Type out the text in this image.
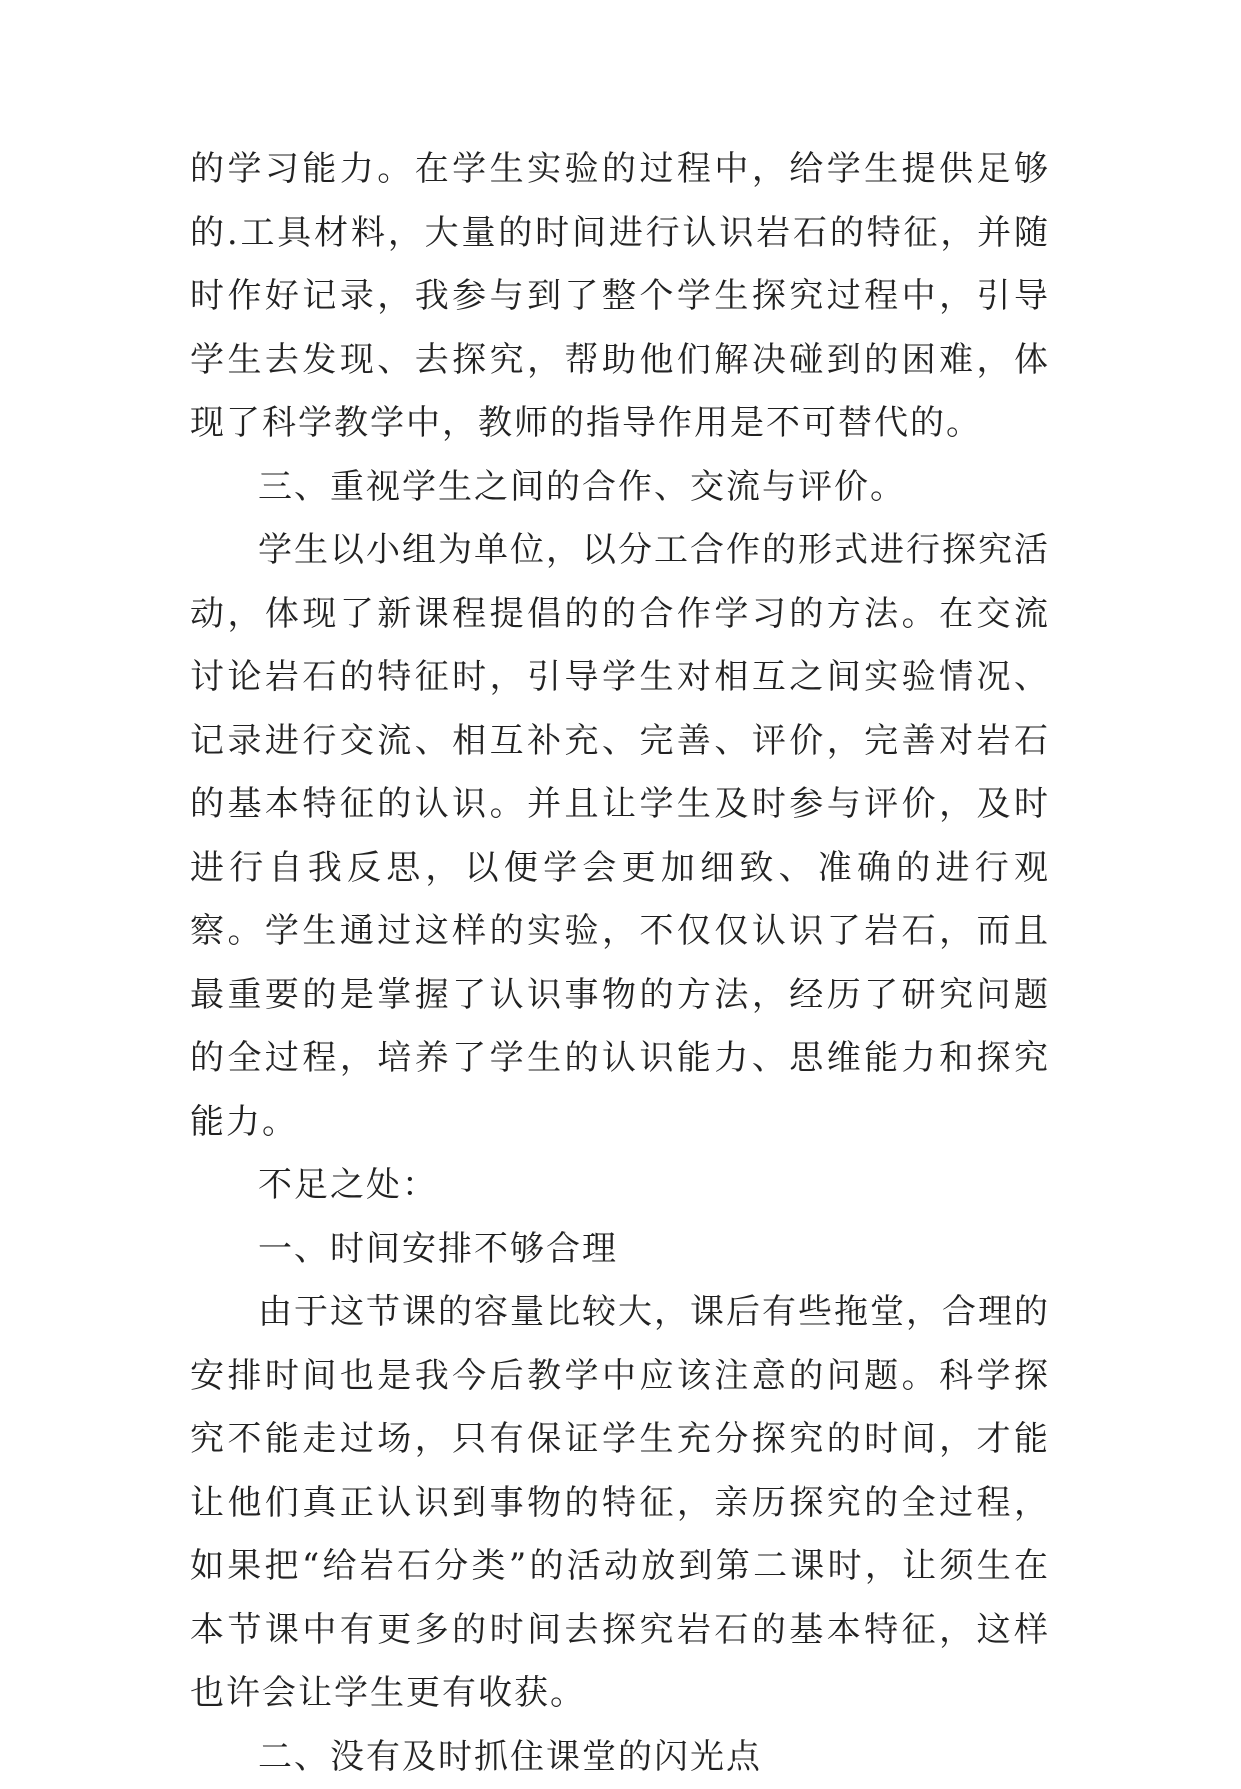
的学习能力。在学生实验的过程中，给学生提供足够的.工具材料，大量的时间进行认识岩石的特征，并随时作好记录，我参与到了整个学生探究过程中，引导学生去发现、去探究，帮助他们解决碰到的困难，体现了科学教学中，教师的指导作用是不可替代的。

三、重视学生之间的合作、交流与评价。

学生以小组为单位，以分工合作的形式进行探究活动，体现了新课程提倡的的合作学习的方法。在交流讨论岩石的特征时，引导学生对相互之间实验情况、记录进行交流、相互补充、完善、评价，完善对岩石的基本特征的认识。并且让学生及时参与评价，及时进行自我反思，以便学会更加细致、准确的进行观察。学生通过这样的实验，不仅仅认识了岩石，而且最重要的是掌握了认识事物的方法，经历了研究问题的全过程，培养了学生的认识能力、思维能力和探究能力。

不足之处：

一、时间安排不够合理

由于这节课的容量比较大，课后有些拖堂，合理的安排时间也是我今后教学中应该注意的问题。科学探究不能走过场，只有保证学生充分探究的时间，才能让他们真正认识到事物的特征，亲历探究的全过程，如果把“给岩石分类”的活动放到第二课时，让须生在本节课中有更多的时间去探究岩石的基本特征，这样也许会让学生更有收获。

二、没有及时抓住课堂的闪光点
